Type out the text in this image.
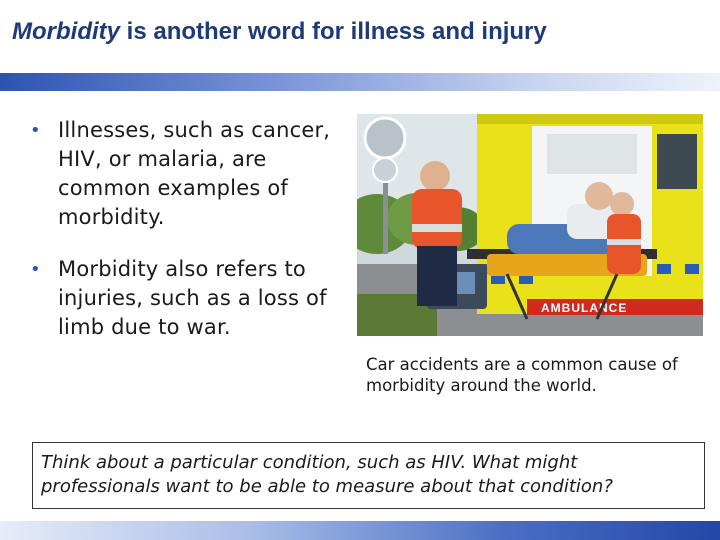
Morbidity is another word for illness and injury
• Illnesses, such as cancer, HIV, or malaria, are common examples of morbidity.
• Morbidity also refers to injuries, such as a loss of limb due to war.
AMBULANCE
Car accidents are a common cause of morbidity around the world.
Think about a particular condition, such as HIV. What might professionals want to be able to measure about that condition?
